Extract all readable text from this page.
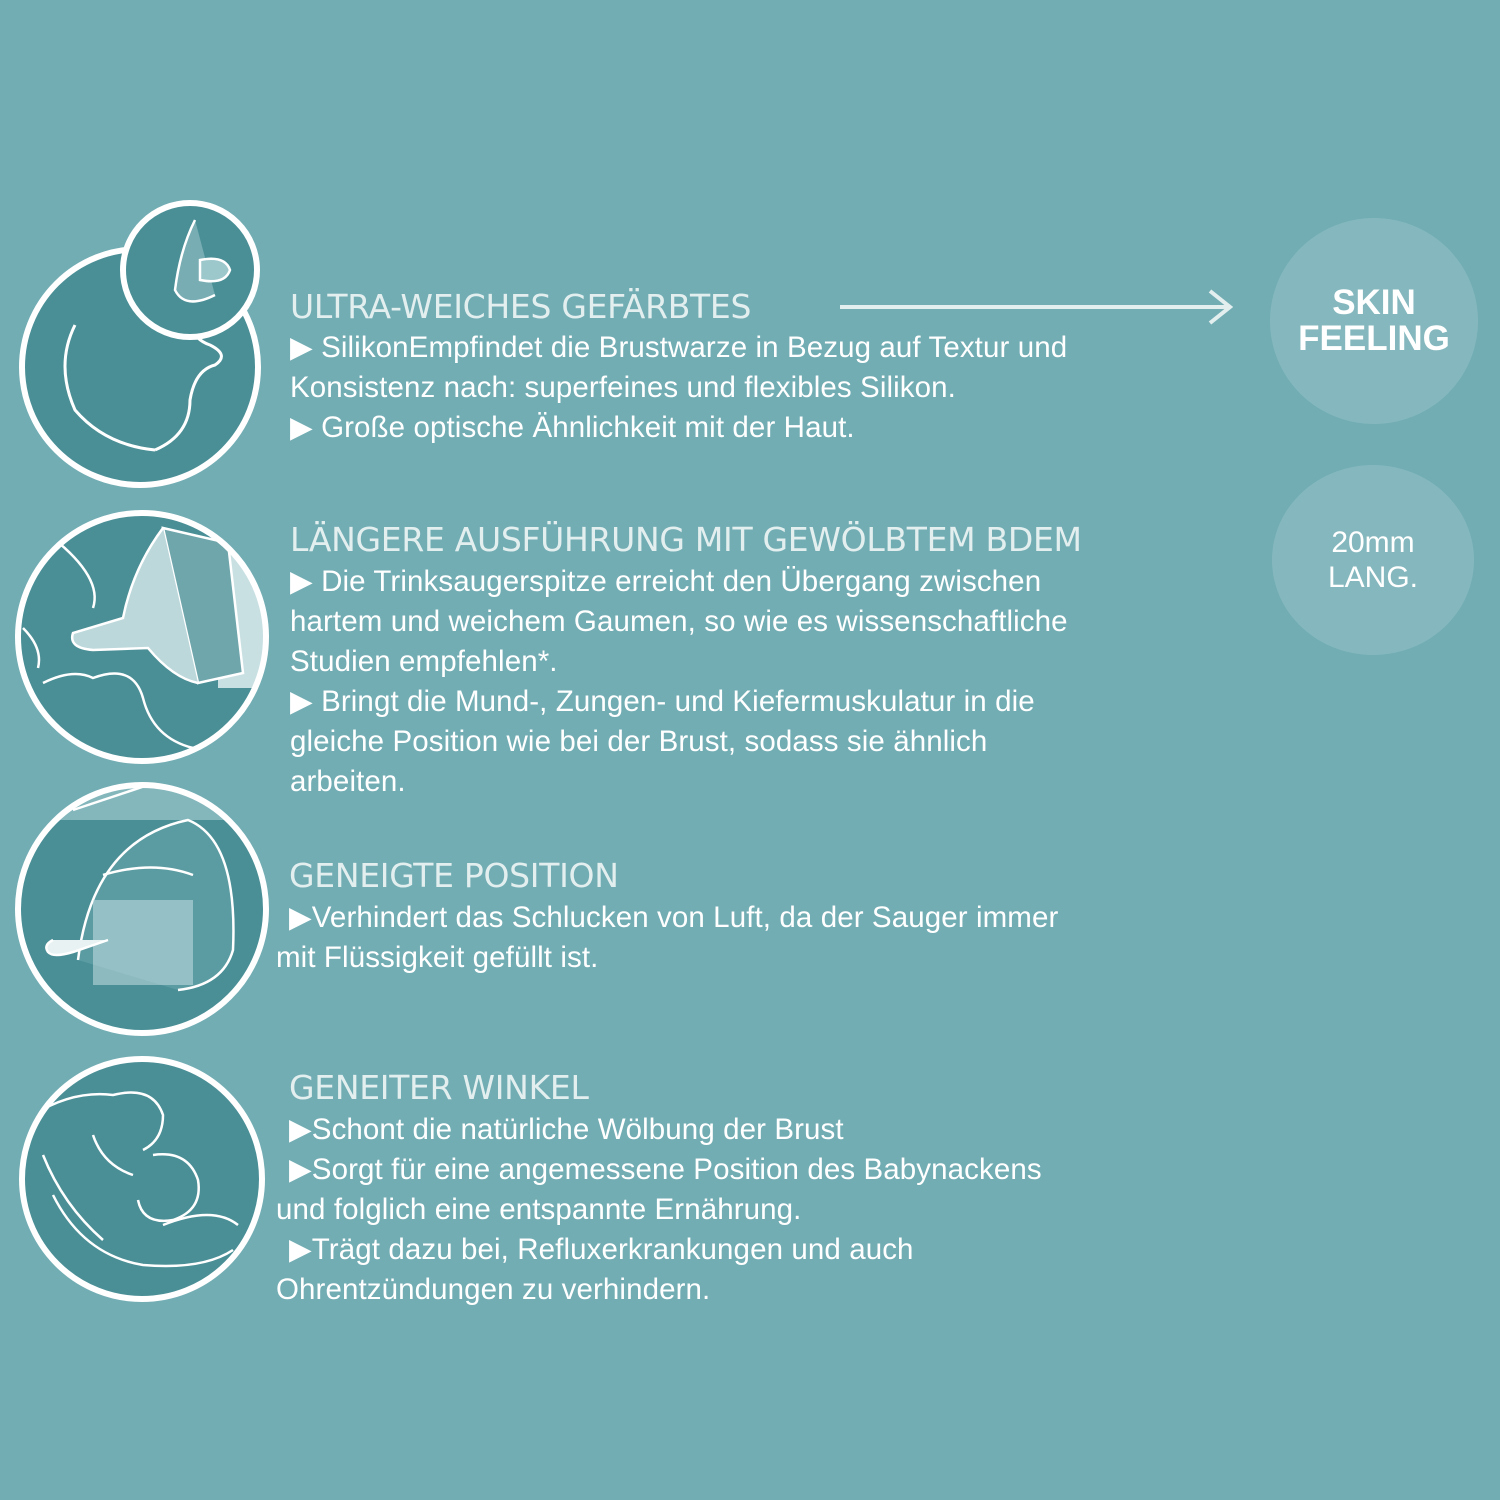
ULTRA-WEICHES GEFÄRBTES
▶ SilikonEmpfindet die Brustwarze in Bezug auf Textur und
Konsistenz nach: superfeines und flexibles Silikon.
▶ Große optische Ähnlichkeit mit der Haut.
SKIN
FEELING
LÄNGERE AUSFÜHRUNG MIT GEWÖLBTEM BDEM
▶ Die Trinksaugerspitze erreicht den Übergang zwischen
hartem und weichem Gaumen, so wie es wissenschaftliche
Studien empfehlen*.
▶ Bringt die Mund-, Zungen- und Kiefermuskulatur in die
gleiche Position wie bei der Brust, sodass sie ähnlich
arbeiten.
20mm
LANG.
GENEIGTE POSITION
▶Verhindert das Schlucken von Luft, da der Sauger immer
mit Flüssigkeit gefüllt ist.
GENEITER WINKEL
▶Schont die natürliche Wölbung der Brust
▶Sorgt für eine angemessene Position des Babynackens
und folglich eine entspannte Ernährung.
▶Trägt dazu bei, Refluxerkrankungen und auch
Ohrentzündungen zu verhindern.
